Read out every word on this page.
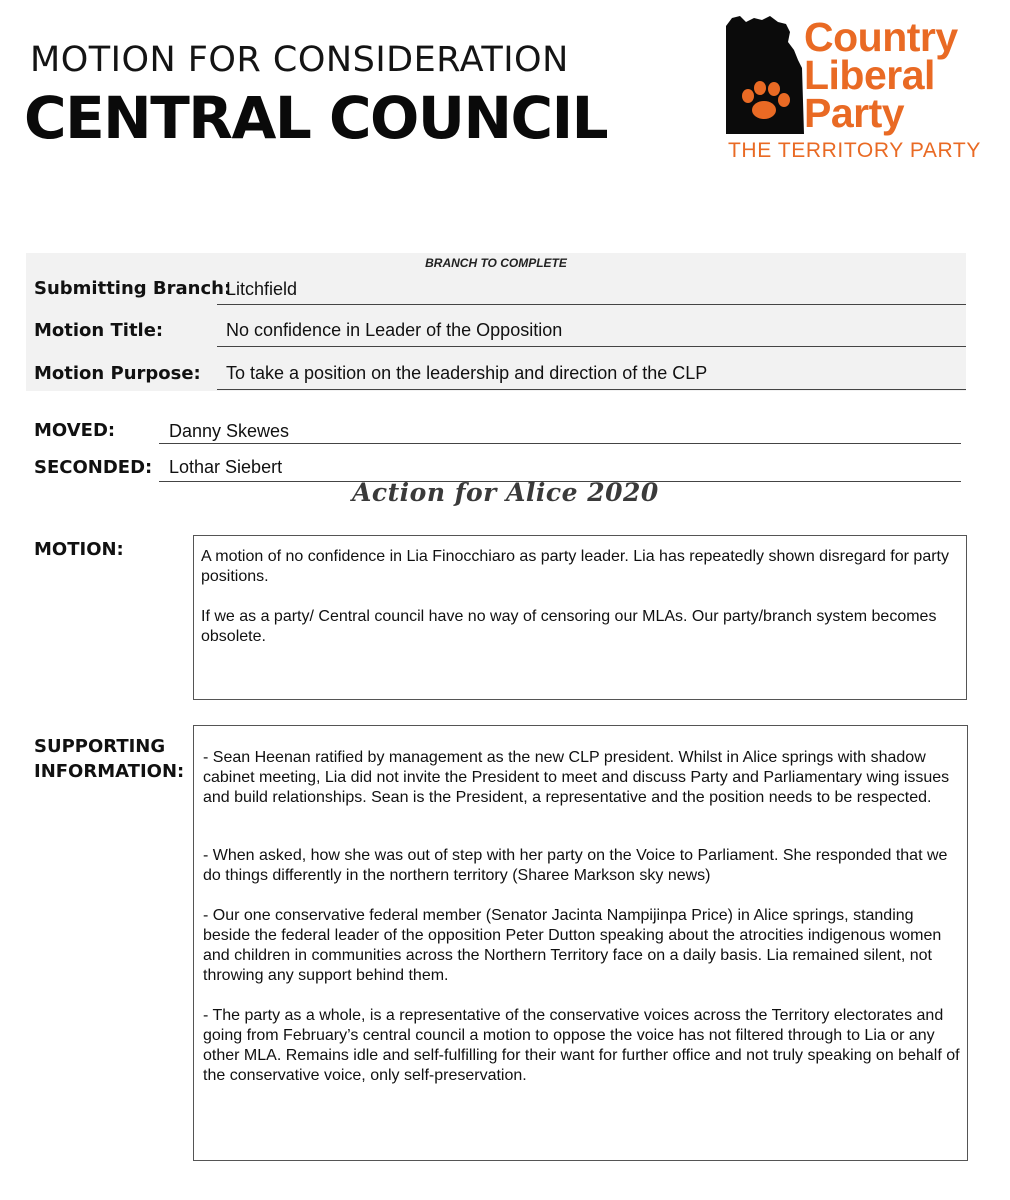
MOTION FOR CONSIDERATION
CENTRAL COUNCIL
Country
Liberal
Party
THE TERRITORY PARTY
BRANCH TO COMPLETE
Submitting Branch:
Litchfield
Motion Title:	No confidence in Leader of the Opposition
Motion Purpose: To take a position on the leadership and direction of the CLP
MOVED:	Danny Skewes
SECONDED: Lothar Siebert
Action for Alice 2020
MOTION:	A motion of no confidence in Lia Finocchiaro as party leader. Lia has repeatedly shown disregard for party positions.

If we as a party/ Central council have no way of censoring our MLAs. Our party/branch system becomes obsolete.

SUPPORTING
INFORMATION:

- Sean Heenan ratified by management as the new CLP president. Whilst in Alice springs with shadow cabinet meeting, Lia did not invite the President to meet and discuss Party and Parliamentary wing issues and build relationships. Sean is the President, a representative and the position needs to be respected.

- When asked, how she was out of step with her party on the Voice to Parliament. She responded that we do things differently in the northern territory (Sharee Markson sky news)

- Our one conservative federal member (Senator Jacinta Nampijinpa Price) in Alice springs, standing beside the federal leader of the opposition Peter Dutton speaking about the atrocities indigenous women and children in communities across the Northern Territory face on a daily basis. Lia remained silent, not throwing any support behind them.

- The party as a whole, is a representative of the conservative voices across the Territory electorates and going from February’s central council a motion to oppose the voice has not filtered through to Lia or any other MLA. Remains idle and self-fulfilling for their want for further office and not truly speaking on behalf of the conservative voice, only self-preservation.
